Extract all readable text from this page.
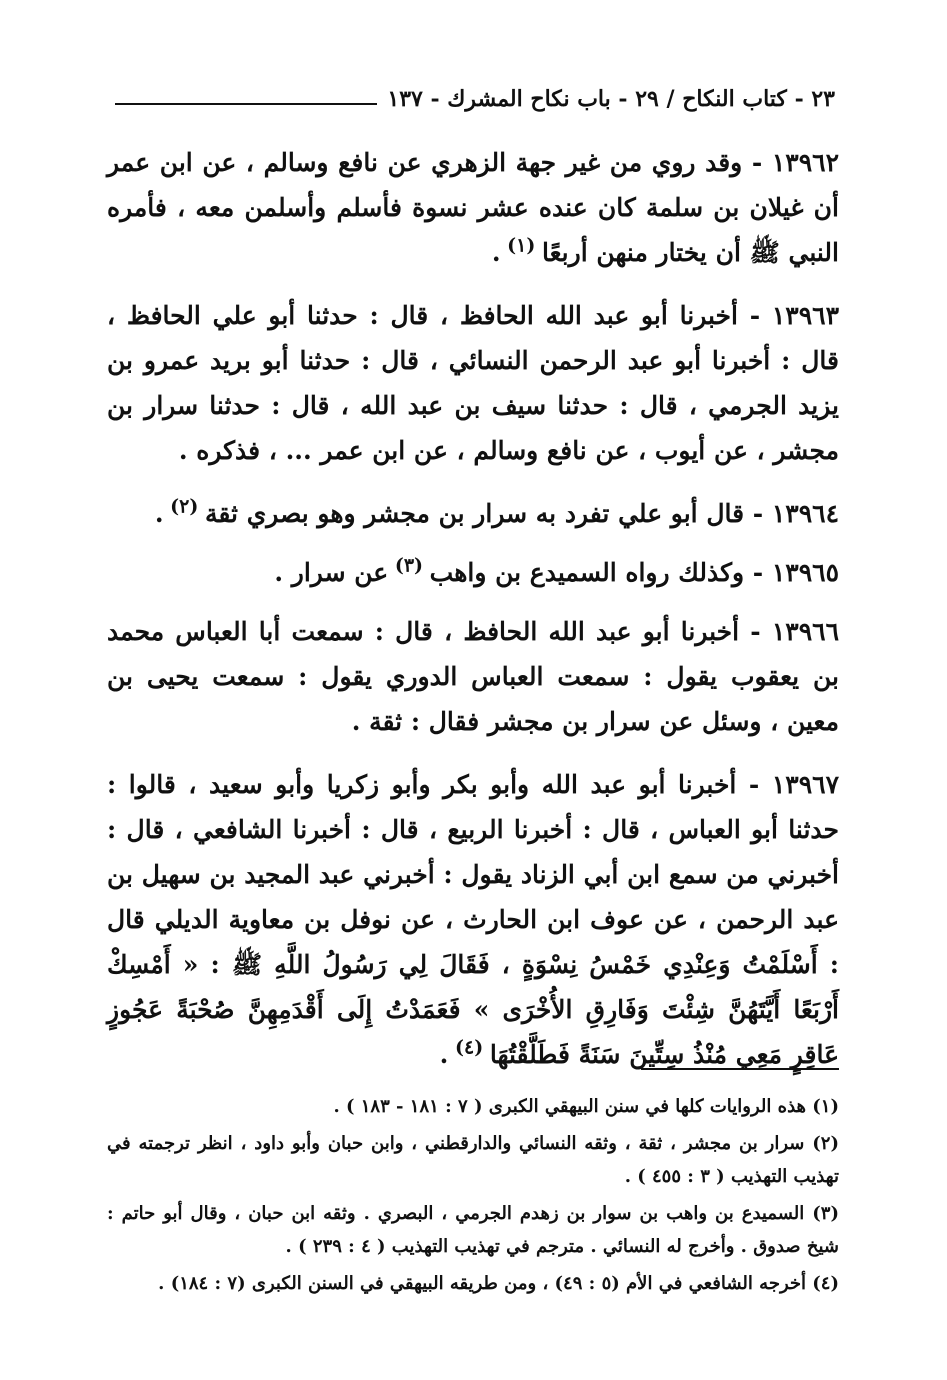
٢٣ - كتاب النكاح / ٢٩ - باب نكاح المشرك - ١٣٧

١٣٩٦٢ - وقد روي من غير جهة الزهري عن نافع وسالم ، عن ابن عمر أن غيلان بن سلمة كان عنده عشر نسوة فأسلم وأسلمن معه ، فأمره النبي ﷺ أن يختار منهن أربعًا $^{(١)}$ .

١٣٩٦٣ - أخبرنا أبو عبد الله الحافظ ، قال : حدثنا أبو علي الحافظ ، قال : أخبرنا أبو عبد الرحمن النسائي ، قال : حدثنا أبو بريد عمرو بن يزيد الجرمي ، قال : حدثنا سيف بن عبد الله ، قال : حدثنا سرار بن مجشر ، عن أيوب ، عن نافع وسالم ، عن ابن عمر ... ، فذكره .

١٣٩٦٤ - قال أبو علي تفرد به سرار بن مجشر وهو بصري ثقة $^{(٢)}$ .

١٣٩٦٥ - وكذلك رواه السميدع بن واهب $^{(٣)}$ عن سرار .

١٣٩٦٦ - أخبرنا أبو عبد الله الحافظ ، قال : سمعت أبا العباس محمد بن يعقوب يقول : سمعت العباس الدوري يقول : سمعت يحيى بن معين ، وسئل عن سرار بن مجشر فقال : ثقة .

١٣٩٦٧ - أخبرنا أبو عبد الله وأبو بكر وأبو زكريا وأبو سعيد ، قالوا : حدثنا أبو العباس ، قال : أخبرنا الربيع ، قال : أخبرنا الشافعي ، قال : أخبرني من سمع ابن أبي الزناد يقول : أخبرني عبد المجيد بن سهيل بن عبد الرحمن ، عن عوف ابن الحارث ، عن نوفل بن معاوية الديلي قال : أَسْلَمْتُ وَعِنْدِي خَمْسُ نِسْوَةٍ ، فَقَالَ لِي رَسُولُ اللَّهِ ﷺ : « أَمْسِكْ أَرْبَعًا أَيَّتَهُنَّ شِئْتَ وَفَارِقِ الأُخْرَى » فَعَمَدْتُ إِلَى أَقْدَمِهِنَّ صُحْبَةً عَجُوزٍ عَاقِرٍ مَعِي مُنْذُ سِتِّينَ سَنَةً فَطَلَّقْتُهَا $^{(٤)}$ .

(١) هذه الروايات كلها في سنن البيهقي الكبرى ( ٧ : ١٨١ - ١٨٣ ) .

(٢) سرار بن مجشر ، ثقة ، وثقه النسائي والدارقطني ، وابن حبان وأبو داود ، انظر ترجمته في تهذيب التهذيب ( ٣ : ٤٥٥ ) .

(٣) السميدع بن واهب بن سوار بن زهدم الجرمي ، البصري . وثقه ابن حبان ، وقال أبو حاتم : شيخ صدوق . وأخرج له النسائي . مترجم في تهذيب التهذيب ( ٤ : ٢٣٩ ) .

(٤) أخرجه الشافعي في الأم (٥ : ٤٩) ، ومن طريقه البيهقي في السنن الكبرى (٧ : ١٨٤) .
